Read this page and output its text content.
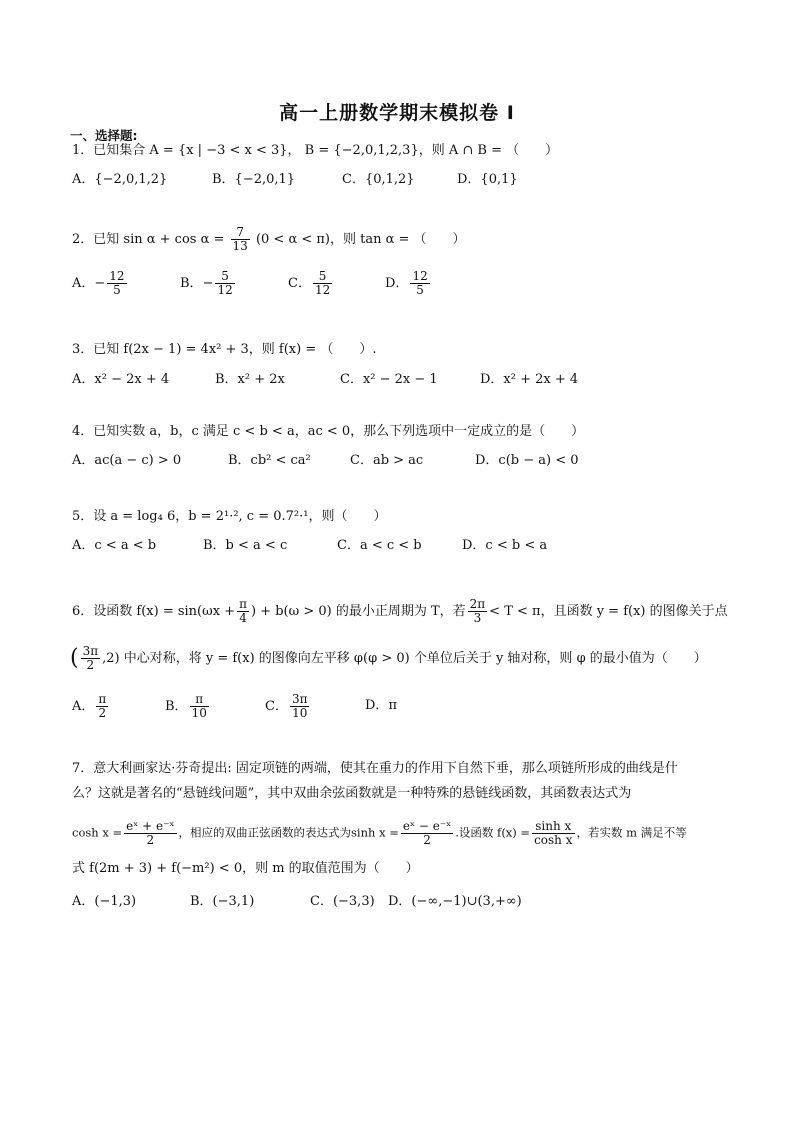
高一上册数学期末模拟卷 I
一、选择题:
1．已知集合 A = {x | −3 < x < 3}， B = {−2,0,1,2,3}，则 A ∩ B = （　　）
A．{−2,0,1,2}	B．{−2,0,1}	C．{0,1,2}	D．{0,1}
2．已知 $\sin \alpha + \cos \alpha = \frac{7}{13} (0 < \alpha < \pi)$，则 tan α = （　　）
A．− $\frac{12}{5}$	B．− $\frac{5}{12}$	C． $\frac{5}{12}$	D． $\frac{12}{5}$
3．已知 f(2x − 1) = 4x² + 3，则 f(x) = （　　）.
A．x² − 2x + 4	B．x² + 2x	C．x² − 2x − 1	D．x² + 2x + 4
4．已知实数 a，b，c 满足 c < b < a，ac < 0，那么下列选项中一定成立的是（　　）
A．ac(a − c) > 0	B．cb² < ca²	C．ab > ac	D．c(b − a) < 0
5．设 a = log₄ 6，b = 2¹·², c = 0.7²·¹，则（　　）
A．c < a < b	B．b < a < c	C．a < c < b	D．c < b < a
6．设函数 $f(x) = \sin(\omega x + \frac{\pi}{4}$ ) + b(ω > 0) 的最小正周期为 T，若 $\frac{2\pi}{3} < T < \pi$，且函数 y = f(x) 的图像关于点
( $\frac{3\pi}{2} ,2$) 中心对称，将 y = f(x) 的图像向左平移 φ(φ > 0) 个单位后关于 y 轴对称，则 φ 的最小值为（　　）
A． $\frac{\pi}{2}$	B． $\frac{\pi}{10}$	C． $\frac{3\pi}{10}$	D．π
7．意大利画家达·芬奇提出: 固定项链的两端，使其在重力的作用下自然下垂，那么项链所形成的曲线是什
么？这就是著名的“悬链线问题”，其中双曲余弦函数就是一种特殊的悬链线函数，其函数表达式为
$\cosh x = \frac{\text{eˣ + e⁻ˣ}}{2}$ ，相应的双曲正弦函数的表达式为$\sinh x = \frac{\text{eˣ − e⁻ˣ}}{2}$ .设函数 $f(x) = \frac{\text{sinh x}}{\text{cosh x}}$ ，若实数 m 满足不等
式 f(2m + 3) + f(−m²) < 0，则 m 的取值范围为（　　）
A．(−1,3)	B．(−3,1)	C．(−3,3) D．(−∞,−1)∪(3,+∞)
